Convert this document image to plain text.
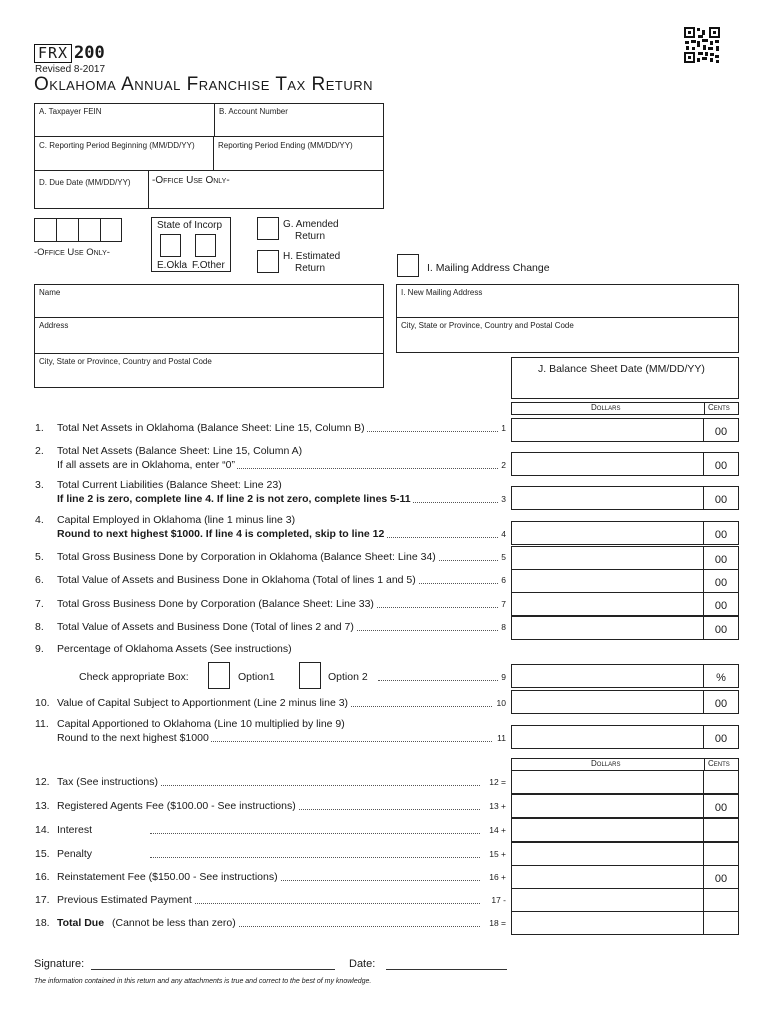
FRX 200
Revised 8-2017
Oklahoma Annual Franchise Tax Return
A. Taxpayer FEIN	B. Account Number
C. Reporting Period Beginning (MM/DD/YY)	Reporting Period Ending (MM/DD/YY)
D. Due Date (MM/DD/YY) -Office Use Only-
-Office Use Only-
State of Incorp
E.Okla F.Other
G. Amended
Return
H. Estimated
Return	I. Mailing Address Change
Name
Address
City, State or Province, Country and Postal Code
I. New Mailing Address
City, State or Province, Country and Postal Code
J. Balance Sheet Date (MM/DD/YY)
Dollars	Cents
1. Total Net Assets in Oklahoma (Balance Sheet: Line 15, Column B)	1	00
2. Total Net Assets (Balance Sheet: Line 15, Column A)
If all assets are in Oklahoma, enter “0”	2	00
3. Total Current Liabilities (Balance Sheet: Line 23)
If line 2 is zero, complete line 4. If line 2 is not zero, complete lines 5-11	3	00
4. Capital Employed in Oklahoma (line 1 minus line 3)
Round to next highest $1000. If line 4 is completed, skip to line 12	4	00
5. Total Gross Business Done by Corporation in Oklahoma (Balance Sheet: Line 34)	5	00
6. Total Value of Assets and Business Done in Oklahoma (Total of lines 1 and 5)	6	00
7. Total Gross Business Done by Corporation (Balance Sheet: Line 33)	7	00
8. Total Value of Assets and Business Done (Total of lines 2 and 7)	8	00
9. Percentage of Oklahoma Assets (See instructions)
Check appropriate Box:	Option1	Option 2	9	%
10. Value of Capital Subject to Apportionment (Line 2 minus line 3)	10	00
11. Capital Apportioned to Oklahoma (Line 10 multiplied by line 9)
Round to the next highest $1000	11	00
Dollars	Cents
12. Tax (See instructions)	12 =
13. Registered Agents Fee ($100.00 - See instructions)	13 +	00
14. Interest	14 +
15. Penalty	15 +
16. Reinstatement Fee ($150.00 - See instructions)	16 +	00
17. Previous Estimated Payment	17 -
18. Total Due (Cannot be less than zero)	18 =
Signature:	Date:
The information contained in this return and any attachments is true and correct to the best of my knowledge.
